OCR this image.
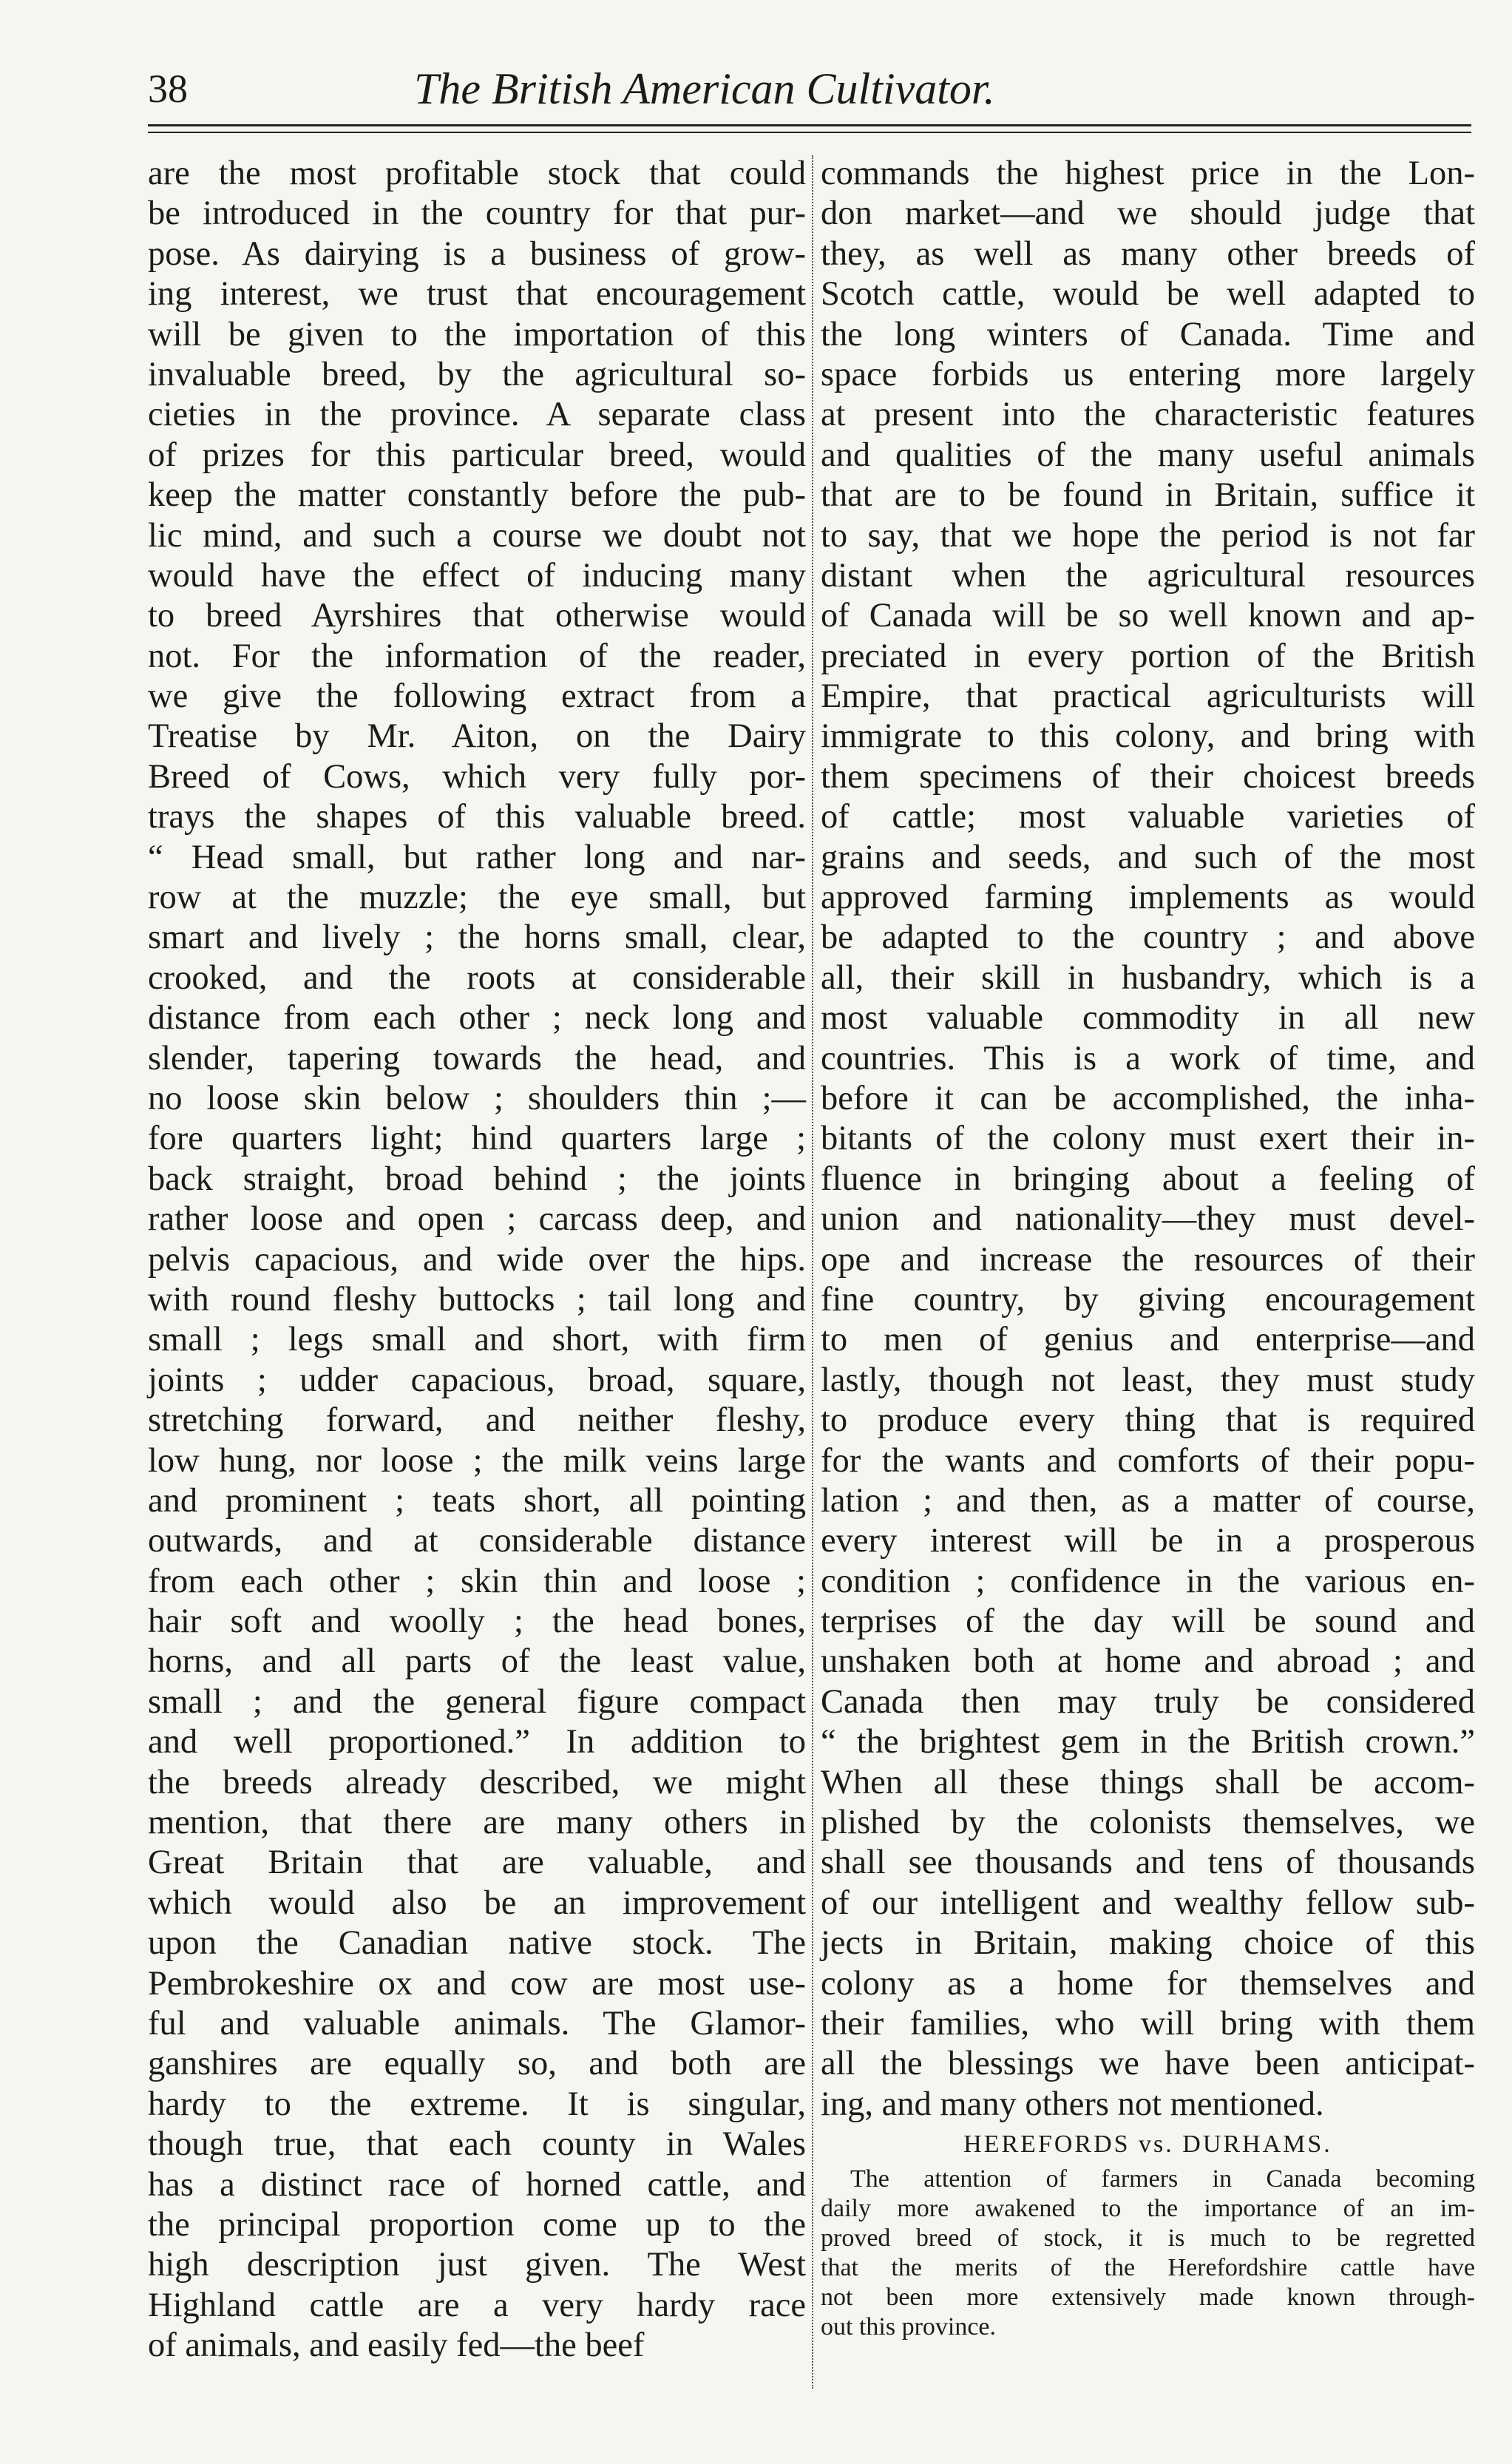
38	The British American Cultivator.
are the most profitable stock that could
be introduced in the country for that pur-
pose. As dairying is a business of grow-
ing interest, we trust that encouragement
will be given to the importation of this
invaluable breed, by the agricultural so-
cieties in the province. A separate class
of prizes for this particular breed, would
keep the matter constantly before the pub-
lic mind, and such a course we doubt not
would have the effect of inducing many
to breed Ayrshires that otherwise would
not. For the information of the reader,
we give the following extract from a
Treatise by Mr. Aiton, on the Dairy
Breed of Cows, which very fully por-
trays the shapes of this valuable breed.
“ Head small, but rather long and nar-
row at the muzzle; the eye small, but
smart and lively ; the horns small, clear,
crooked, and the roots at considerable
distance from each other ; neck long and
slender, tapering towards the head, and
no loose skin below ; shoulders thin ;—
fore quarters light; hind quarters large ;
back straight, broad behind ; the joints
rather loose and open ; carcass deep, and
pelvis capacious, and wide over the hips.
with round fleshy buttocks ; tail long and
small ; legs small and short, with firm
joints ; udder capacious, broad, square,
stretching forward, and neither fleshy,
low hung, nor loose ; the milk veins large
and prominent ; teats short, all pointing
outwards, and at considerable distance
from each other ; skin thin and loose ;
hair soft and woolly ; the head bones,
horns, and all parts of the least value,
small ; and the general figure compact
and well proportioned.” In addition to
the breeds already described, we might
mention, that there are many others in
Great Britain that are valuable, and
which would also be an improvement
upon the Canadian native stock. The
Pembrokeshire ox and cow are most use-
ful and valuable animals. The Glamor-
ganshires are equally so, and both are
hardy to the extreme. It is singular,
though true, that each county in Wales
has a distinct race of horned cattle, and
the principal proportion come up to the
high description just given. The West
Highland cattle are a very hardy race
of animals, and easily fed—the beef
commands the highest price in the Lon-
don market—and we should judge that
they, as well as many other breeds of
Scotch cattle, would be well adapted to
the long winters of Canada. Time and
space forbids us entering more largely
at present into the characteristic features
and qualities of the many useful animals
that are to be found in Britain, suffice it
to say, that we hope the period is not far
distant when the agricultural resources
of Canada will be so well known and ap-
preciated in every portion of the British
Empire, that practical agriculturists will
immigrate to this colony, and bring with
them specimens of their choicest breeds
of cattle; most valuable varieties of
grains and seeds, and such of the most
approved farming implements as would
be adapted to the country ; and above
all, their skill in husbandry, which is a
most valuable commodity in all new
countries. This is a work of time, and
before it can be accomplished, the inha-
bitants of the colony must exert their in-
fluence in bringing about a feeling of
union and nationality—they must devel-
ope and increase the resources of their
fine country, by giving encouragement
to men of genius and enterprise—and
lastly, though not least, they must study
to produce every thing that is required
for the wants and comforts of their popu-
lation ; and then, as a matter of course,
every interest will be in a prosperous
condition ; confidence in the various en-
terprises of the day will be sound and
unshaken both at home and abroad ; and
Canada then may truly be considered
“ the brightest gem in the British crown.”
When all these things shall be accom-
plished by the colonists themselves, we
shall see thousands and tens of thousands
of our intelligent and wealthy fellow sub-
jects in Britain, making choice of this
colony as a home for themselves and
their families, who will bring with them
all the blessings we have been anticipat-
ing, and many others not mentioned.
HEREFORDS vs. DURHAMS.
The attention of farmers in Canada becoming
daily more awakened to the importance of an im-
proved breed of stock, it is much to be regretted
that the merits of the Herefordshire cattle have
not been more extensively made known through-
out this province.
